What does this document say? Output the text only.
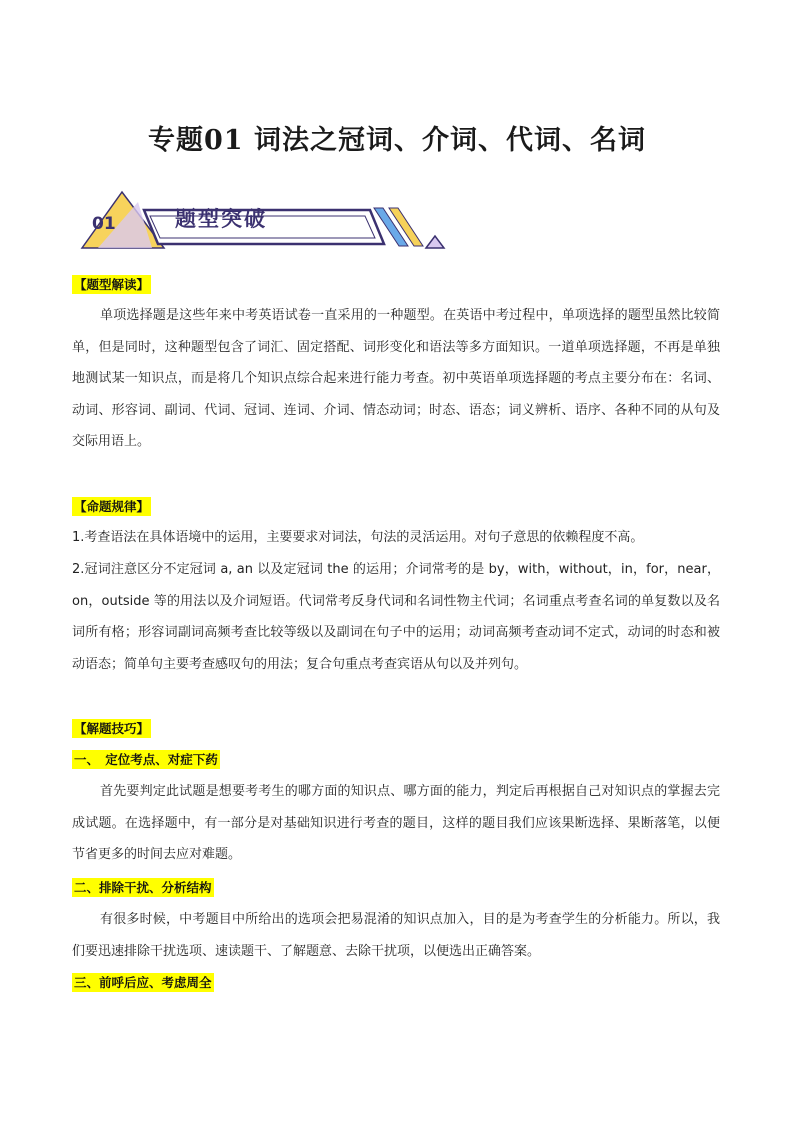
专题01 词法之冠词、介词、代词、名词
01	题型突破
【题型解读】
单项选择题是这些年来中考英语试卷一直采用的一种题型。在英语中考过程中，单项选择的题型虽然比较简单，但是同时，这种题型包含了词汇、固定搭配、词形变化和语法等多方面知识。一道单项选择题，不再是单独地测试某一知识点，而是将几个知识点综合起来进行能力考查。初中英语单项选择题的考点主要分布在：名词、动词、形容词、副词、代词、冠词、连词、介词、情态动词；时态、语态；词义辨析、语序、各种不同的从句及交际用语上。
【命题规律】
1.考查语法在具体语境中的运用，主要要求对词法，句法的灵活运用。对句子意思的依赖程度不高。
2.冠词注意区分不定冠词 a, an 以及定冠词 the 的运用；介词常考的是 by，with，without，in，for，near，on，outside 等的用法以及介词短语。代词常考反身代词和名词性物主代词；名词重点考查名词的单复数以及名词所有格；形容词副词高频考查比较等级以及副词在句子中的运用；动词高频考查动词不定式，动词的时态和被动语态；简单句主要考查感叹句的用法；复合句重点考查宾语从句以及并列句。
【解题技巧】
一、　定位考点、对症下药
首先要判定此试题是想要考考生的哪方面的知识点、哪方面的能力，判定后再根据自己对知识点的掌握去完成试题。在选择题中，有一部分是对基础知识进行考查的题目，这样的题目我们应该果断选择、果断落笔，以便节省更多的时间去应对难题。
二、排除干扰、分析结构
有很多时候，中考题目中所给出的选项会把易混淆的知识点加入，目的是为考查学生的分析能力。所以，我们要迅速排除干扰选项、速读题干、了解题意、去除干扰项，以便选出正确答案。
三、前呼后应、考虑周全
